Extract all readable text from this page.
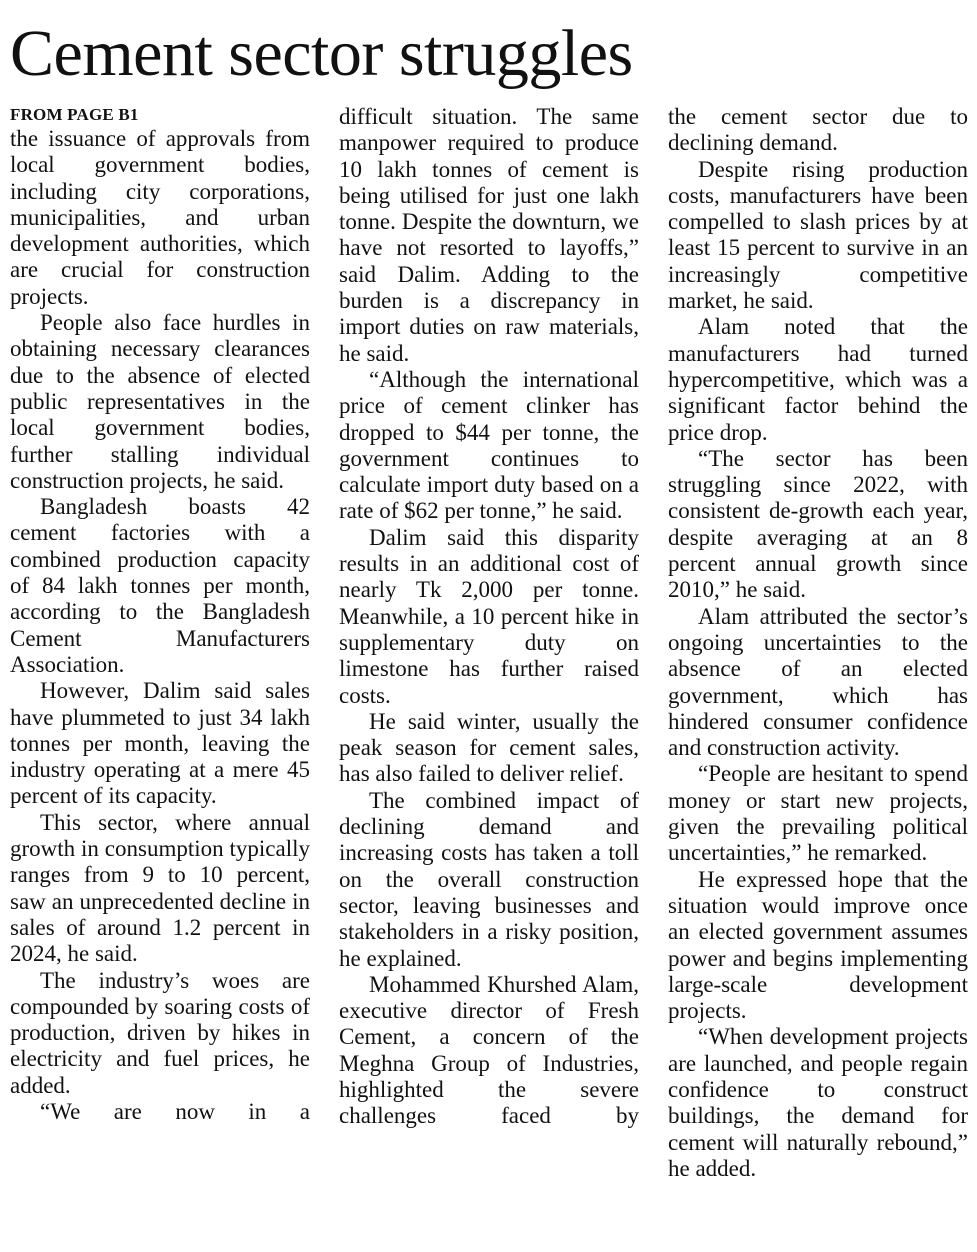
Cement sector struggles
FROM PAGE B1

the issuance of approvals from local government bodies, including city corporations, municipalities, and urban development authorities, which are crucial for construction projects.

People also face hurdles in obtaining necessary clearances due to the absence of elected public representatives in the local government bodies, further stalling individual construction projects, he said.

Bangladesh boasts 42 cement factories with a combined production capacity of 84 lakh tonnes per month, according to the Bangladesh Cement Manufacturers Association.

However, Dalim said sales have plummeted to just 34 lakh tonnes per month, leaving the industry operating at a mere 45 percent of its capacity.

This sector, where annual growth in consumption typically ranges from 9 to 10 percent, saw an unprecedented decline in sales of around 1.2 percent in 2024, he said.

The industry’s woes are compounded by soaring costs of production, driven by hikes in electricity and fuel prices, he added.

“We are now in a

difficult situation. The same manpower required to produce 10 lakh tonnes of cement is being utilised for just one lakh tonne. Despite the downturn, we have not resorted to layoffs,” said Dalim. Adding to the burden is a discrepancy in import duties on raw materials, he said.

“Although the international price of cement clinker has dropped to $44 per tonne, the government continues to calculate import duty based on a rate of $62 per tonne,” he said.

Dalim said this disparity results in an additional cost of nearly Tk 2,000 per tonne. Meanwhile, a 10 percent hike in supplementary duty on limestone has further raised costs.

He said winter, usually the peak season for cement sales, has also failed to deliver relief.

The combined impact of declining demand and increasing costs has taken a toll on the overall construction sector, leaving businesses and stakeholders in a risky position, he explained.

Mohammed Khurshed Alam, executive director of Fresh Cement, a concern of the Meghna Group of Industries, highlighted the severe challenges faced by

the cement sector due to declining demand.

Despite rising production costs, manufacturers have been compelled to slash prices by at least 15 percent to survive in an increasingly competitive market, he said.

Alam noted that the manufacturers had turned hypercompetitive, which was a significant factor behind the price drop.

“The sector has been struggling since 2022, with consistent de-growth each year, despite averaging at an 8 percent annual growth since 2010,” he said.

Alam attributed the sector’s ongoing uncertainties to the absence of an elected government, which has hindered consumer confidence and construction activity.

“People are hesitant to spend money or start new projects, given the prevailing political uncertainties,” he remarked.

He expressed hope that the situation would improve once an elected government assumes power and begins implementing large-scale development projects.

“When development projects are launched, and people regain confidence to construct buildings, the demand for cement will naturally rebound,” he added.
